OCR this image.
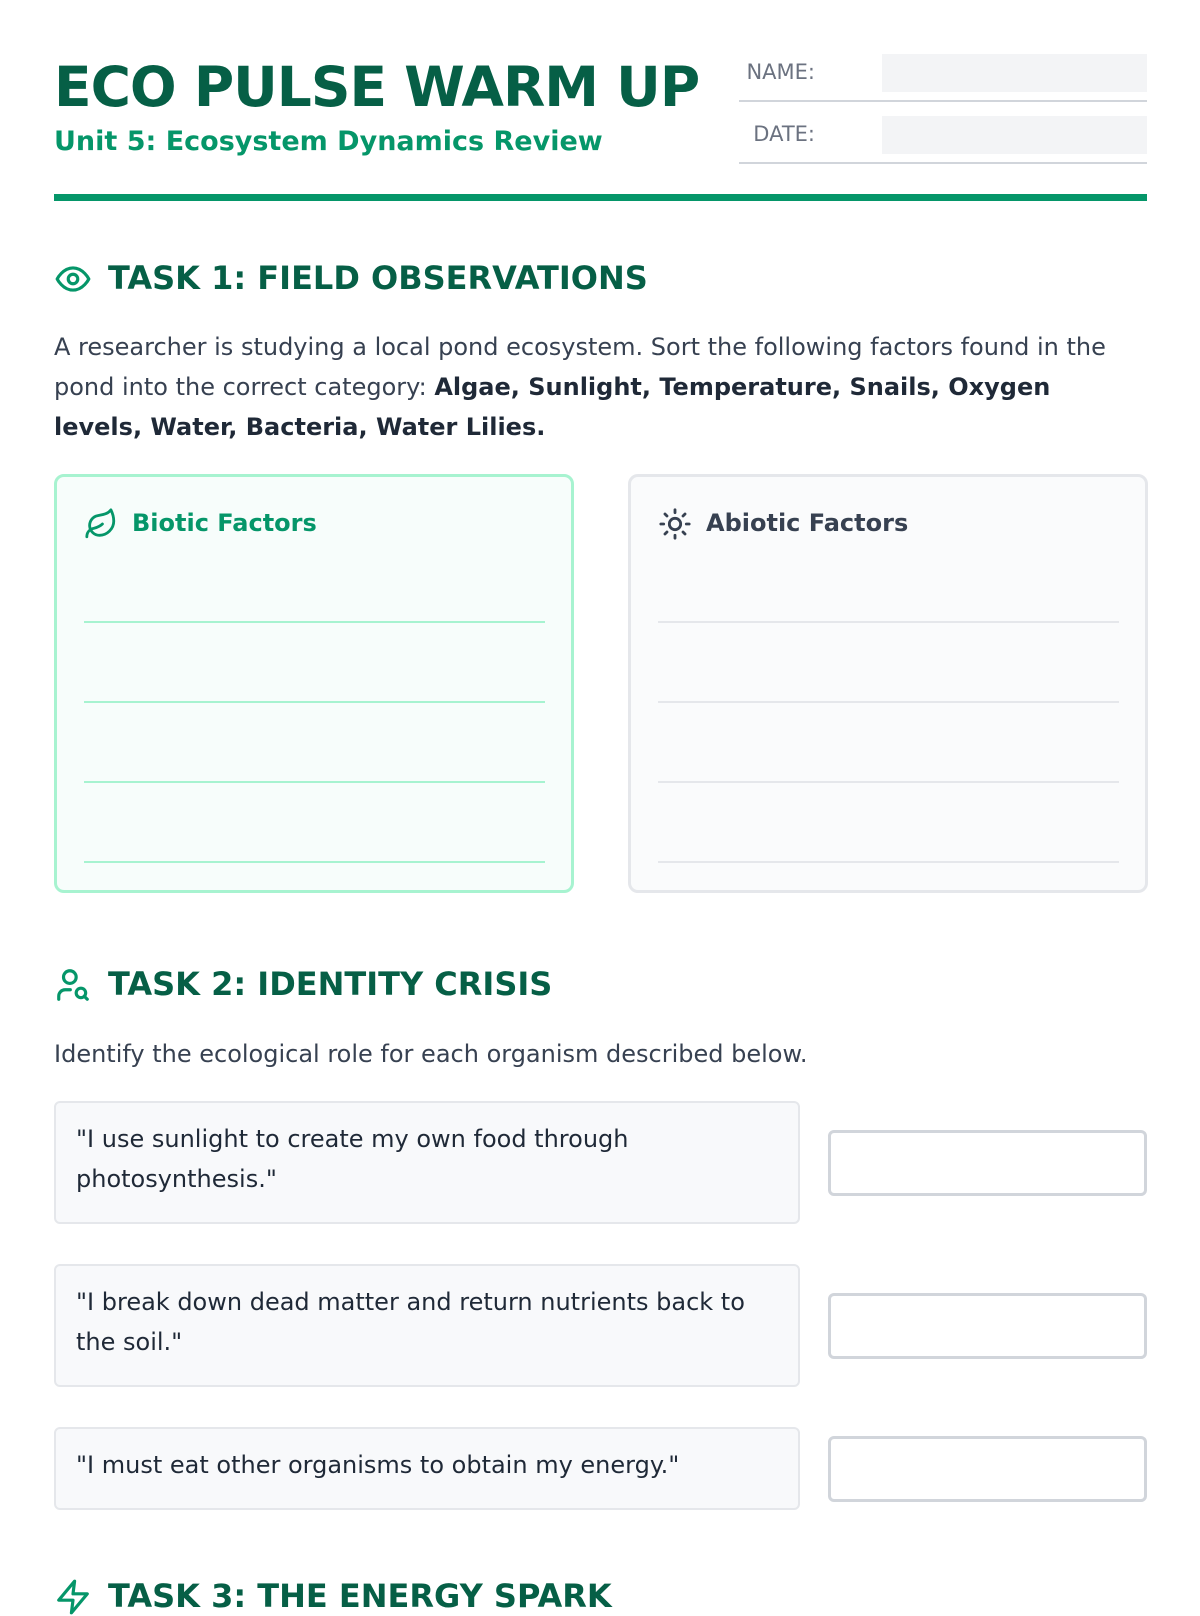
ECO PULSE WARM UP
Unit 5: Ecosystem Dynamics Review
NAME:
DATE:
TASK 1: FIELD OBSERVATIONS

A researcher is studying a local pond ecosystem. Sort the following factors found in the pond into the correct category: Algae, Sunlight, Temperature, Snails, Oxygen levels, Water, Bacteria, Water Lilies.

Biotic Factors	Abiotic Factors
TASK 2: IDENTITY CRISIS

Identify the ecological role for each organism described below.

"I use sunlight to create my own food through photosynthesis."
"I break down dead matter and return nutrients back to the soil."
"I must eat other organisms to obtain my energy."
TASK 3: THE ENERGY SPARK
